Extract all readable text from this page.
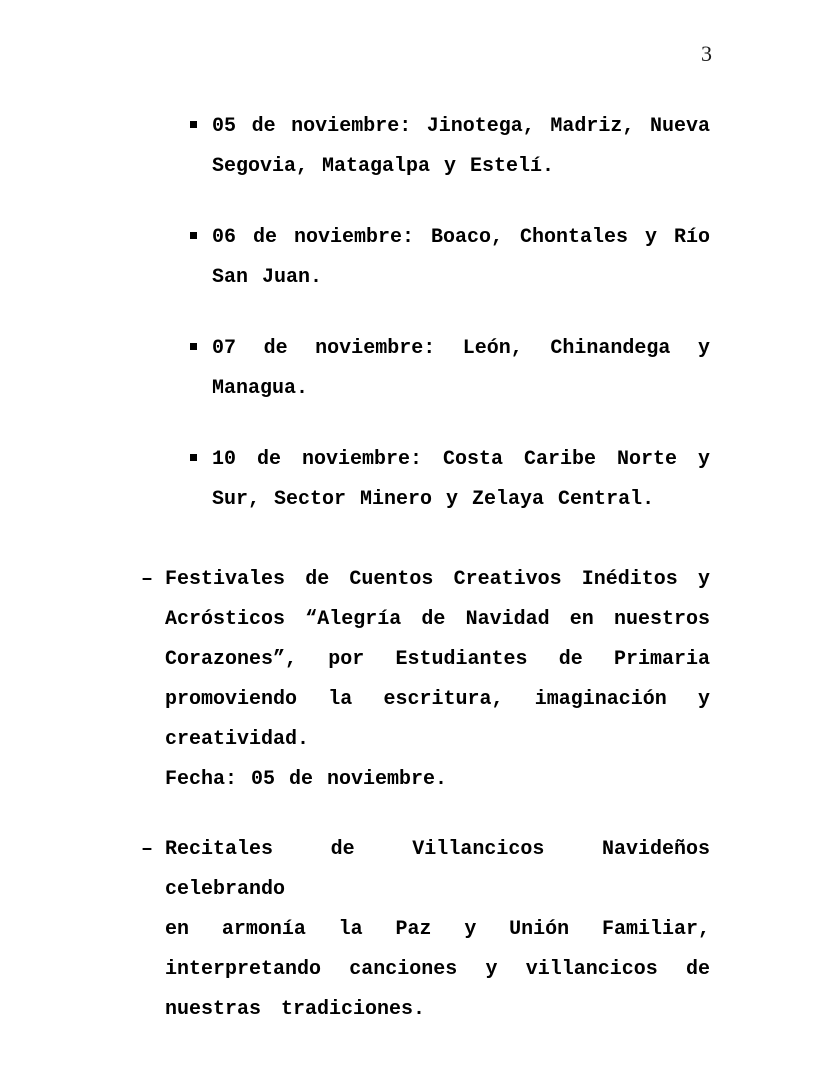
3
05 de noviembre: Jinotega, Madriz, Nueva
Segovia, Matagalpa y Estelí.
06 de noviembre: Boaco, Chontales y Río
San Juan.
07 de noviembre: León, Chinandega y
Managua.
10 de noviembre: Costa Caribe Norte y
Sur, Sector Minero y Zelaya Central.
– Festivales de Cuentos Creativos Inéditos y
Acrósticos “Alegría de Navidad en nuestros
Corazones”, por Estudiantes de Primaria
promoviendo la escritura, imaginación y
creatividad.
Fecha: 05 de noviembre.
– Recitales de Villancicos Navideños celebrando
en armonía la Paz y Unión Familiar,
interpretando canciones y villancicos de
nuestras tradiciones.
